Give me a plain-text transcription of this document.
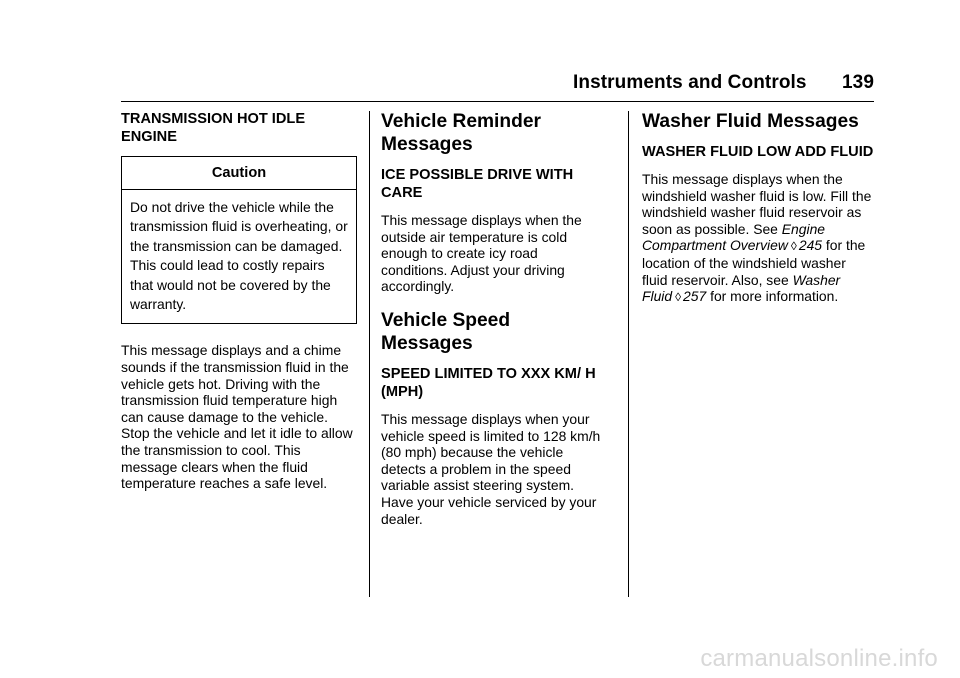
Instruments and Controls 139
TRANSMISSION HOT IDLE ENGINE
Caution
Do not drive the vehicle while the transmission fluid is overheating, or the transmission can be damaged. This could lead to costly repairs that would not be covered by the warranty.

This message displays and a chime sounds if the transmission fluid in the vehicle gets hot. Driving with the transmission fluid temperature high can cause damage to the vehicle. Stop the vehicle and let it idle to allow the transmission to cool. This message clears when the fluid temperature reaches a safe level.

Vehicle Reminder Messages
ICE POSSIBLE DRIVE WITH CARE

This message displays when the outside air temperature is cold enough to create icy road conditions. Adjust your driving accordingly.

Vehicle Speed Messages
SPEED LIMITED TO XXX KM/ H (MPH)

This message displays when your vehicle speed is limited to 128 km/h (80 mph) because the vehicle detects a problem in the speed variable assist steering system. Have your vehicle serviced by your dealer.

Washer Fluid Messages
WASHER FLUID LOW ADD FLUID

This message displays when the windshield washer fluid is low. Fill the windshield washer fluid reservoir as soon as possible. See Engine Compartment Overview ◊ 245 for the location of the windshield washer fluid reservoir. Also, see Washer Fluid ◊ 257 for more information.

carmanualsonline.info
